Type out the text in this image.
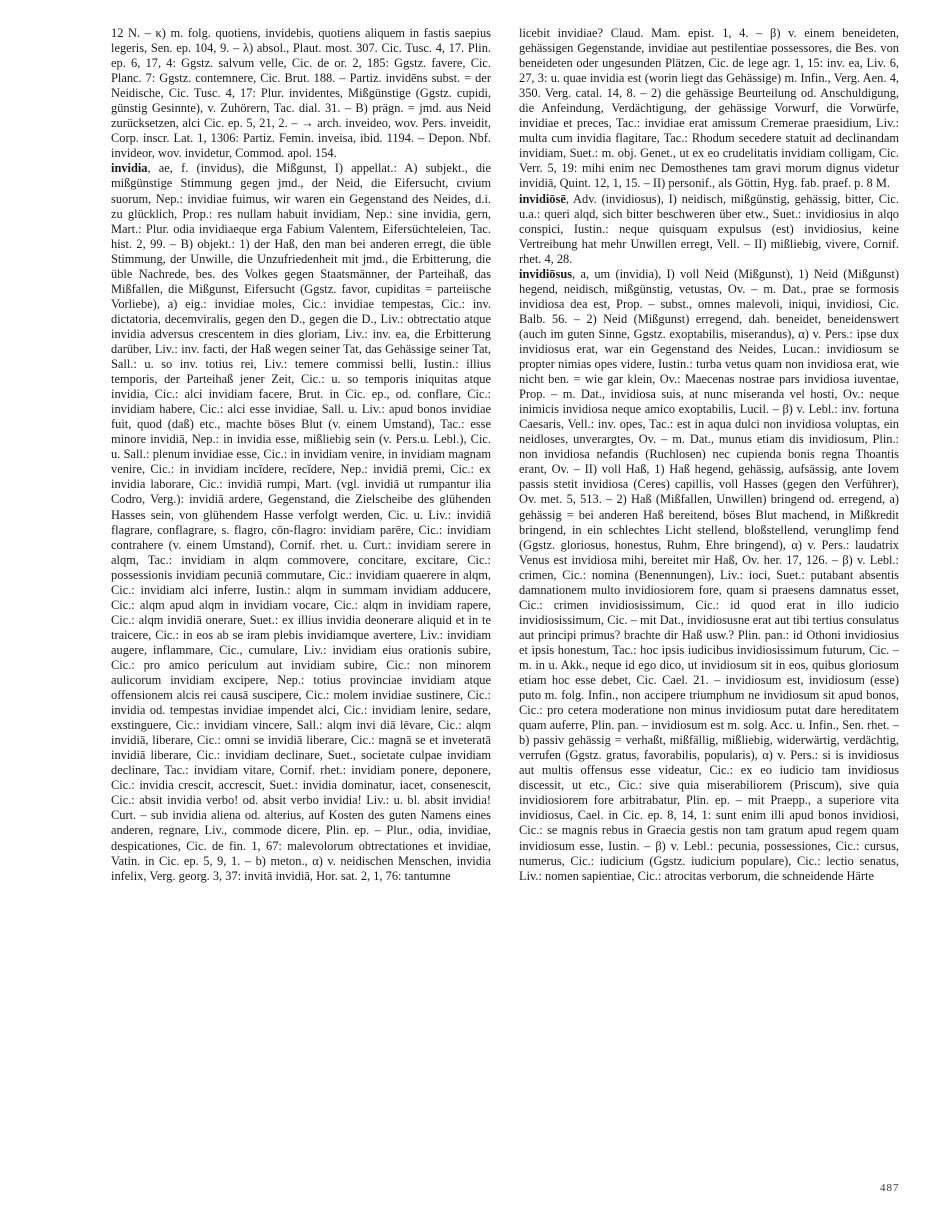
12 N. – κ) m. folg. quotiens, invidebis, quotiens aliquem in fastis saepius legeris, Sen. ep. 104, 9. – λ) absol., Plaut. most. 307. Cic. Tusc. 4, 17. Plin. ep. 6, 17, 4: Ggstz. salvum velle, Cic. de or. 2, 185: Ggstz. favere, Cic. Planc. 7: Ggstz. contemnere, Cic. Brut. 188. – Partiz. invidēns subst. = der Neidische, Cic. Tusc. 4, 17: Plur. invidentes, Mißgünstige (Ggstz. cupidi, günstig Gesinnte), v. Zuhörern, Tac. dial. 31. – B) prägn. = jmd. aus Neid zurücksetzen, alci Cic. ep. 5, 21, 2. – → arch. inveideo, wov. Pers. inveidit, Corp. inscr. Lat. 1, 1306: Partiz. Femin. inveisa, ibid. 1194. – Depon. Nbf. invideor, wov. invidetur, Commod. apol. 154.

invidia, ae, f. (invidus), die Mißgunst, I) appellat.: A) subjekt., die mißgünstige Stimmung gegen jmd., der Neid, die Eifersucht, cıvium suorum, Nep.: invidiae fuimus, wir waren ein Gegenstand des Neides, d.i. zu glücklich, Prop.: res nullam habuit invidiam, Nep.: sine invidia, gern, Mart.: Plur. odia invidiaeque erga Fabium Valentem, Eifersüchteleien, Tac. hist. 2, 99. – B) objekt.: 1) der Haß, den man bei anderen erregt, die üble Stimmung, der Unwille, die Unzufriedenheit mit jmd., die Erbitterung, die üble Nachrede, bes. des Volkes gegen Staatsmänner, der Parteihaß, das Mißfallen, die Mißgunst, Eifersucht (Ggstz. favor, cupiditas = parteiische Vorliebe), a) eig.: invidiae moles, Cic.: invidiae tempestas, Cic.: inv. dictatoria, decemviralis, gegen den D., gegen die D., Liv.: obtrectatio atque invidia adversus crescentem in dies gloriam, Liv.: inv. ea, die Erbitterung darüber, Liv.: inv. facti, der Haß wegen seiner Tat, das Gehässige seiner Tat, Sall.: u. so inv. totius rei, Liv.: temere commissi belli, Iustin.: illius temporis, der Parteihaß jener Zeit, Cic.: u. so temporis iniquitas atque invidia, Cic.: alci invidiam facere, Brut. in Cic. ep., od. conflare, Cic.: invidiam habere, Cic.: alci esse invidiae, Sall. u. Liv.: apud bonos invidiae fuit, quod (daß) etc., machte böses Blut (v. einem Umstand), Tac.: esse minore invidiā, Nep.: in invidia esse, mißliebig sein (v. Pers.u. Lebl.), Cic. u. Sall.: plenum invidiae esse, Cic.: in invidiam venire, in invidiam magnam venire, Cic.: in invidiam incĭdere, recĭdere, Nep.: invidiā premi, Cic.: ex invidia laborare, Cic.: invidiā rumpi, Mart. (vgl. invidiā ut rumpantur ilia Codro, Verg.): invidiā ardere, Gegenstand, die Zielscheibe des glühenden Hasses sein, von glühendem Hasse verfolgt werden, Cic. u. Liv.: invidiā flagrare, conflagrare, s. flagro, cōn-flagro: invidiam parēre, Cic.: invidiam contrahere (v. einem Umstand), Cornif. rhet. u. Curt.: invidiam serere in alqm, Tac.: invidiam in alqm commovere, concitare, excitare, Cic.: possessionis invidiam pecuniā commutare, Cic.: invidiam quaerere in alqm, Cic.: invidiam alci inferre, Iustin.: alqm in summam invidiam adducere, Cic.: alqm apud alqm in invidiam vocare, Cic.: alqm in invidiam rapere, Cic.: alqm invidiā onerare, Suet.: ex illius invidia deonerare aliquid et in te traicere, Cic.: in eos ab se iram plebis invidiamque avertere, Liv.: invidiam augere, inflammare, Cic., cumulare, Liv.: invidiam eius orationis subire, Cic.: pro amico periculum aut invidiam subire, Cic.: non minorem aulicorum invidiam excipere, Nep.: totius provinciae invidiam atque offensionem alcis rei causā suscipere, Cic.: molem invidiae sustinere, Cic.: invidia od. tempestas invidiae impendet alci, Cic.: invidiam lenire, sedare, exstinguere, Cic.: invidiam vincere, Sall.: alqm invi diā lēvare, Cic.: alqm invidiā, liberare, Cic.: omni se invidiā liberare, Cic.: magnā se et inveteratā invidiā liberare, Cic.: invidiam declinare, Suet., societate culpae invidiam declinare, Tac.: invidiam vitare, Cornif. rhet.: invidiam ponere, deponere, Cic.: invidia crescit, accrescit, Suet.: invidia dominatur, iacet, consenescit, Cic.: absit invidia verbo! od. absit verbo invidia! Liv.: u. bl. absit invidia! Curt. – sub invidia aliena od. alterius, auf Kosten des guten Namens eines anderen, regnare, Liv., commode dicere, Plin. ep. – Plur., odia, invidiae, despicationes, Cic. de fin. 1, 67: malevolorum obtrectationes et invidiae, Vatin. in Cic. ep. 5, 9, 1. – b) meton., α) v. neidischen Menschen, invidia infelix, Verg. georg. 3, 37: invitā invidiā, Hor. sat. 2, 1, 76: tantumne

licebit invidiae? Claud. Mam. epist. 1, 4. – β) v. einem beneideten, gehässigen Gegenstande, invidiae aut pestilentiae possessores, die Bes. von beneideten oder ungesunden Plätzen, Cic. de lege agr. 1, 15: inv. ea, Liv. 6, 27, 3: u. quae invidia est (worin liegt das Gehässige) m. Infin., Verg. Aen. 4, 350. Verg. catal. 14, 8. – 2) die gehässige Beurteilung od. Anschuldigung, die Anfeindung, Verdächtigung, der gehässige Vorwurf, die Vorwürfe, invidiae et preces, Tac.: invidiae erat amissum Cremerae praesidium, Liv.: multa cum invidia flagitare, Tac.: Rhodum secedere statuit ad declinandam invidiam, Suet.: m. obj. Genet., ut ex eo crudelitatis invidiam colligam, Cic. Verr. 5, 19: mihi enim nec Demosthenes tam gravi morum dignus videtur invidiā, Quint. 12, 1, 15. – II) personif., als Göttin, Hyg. fab. praef. p. 8 M.

invidiōsē, Adv. (invidiosus), I) neidisch, mißgünstig, gehässig, bitter, Cic. u.a.: queri alqd, sich bitter beschweren über etw., Suet.: invidiosius in alqo conspici, Iustin.: neque quisquam expulsus (est) invidiosius, keine Vertreibung hat mehr Unwillen erregt, Vell. – II) mißliebig, vivere, Cornif. rhet. 4, 28.

invidiōsus, a, um (invidia), I) voll Neid (Mißgunst), 1) Neid (Mißgunst) hegend, neidisch, mißgünstig, vetustas, Ov. – m. Dat., prae se formosis invidiosa dea est, Prop. – subst., omnes malevoli, iniqui, invidiosi, Cic. Balb. 56. – 2) Neid (Mißgunst) erregend, dah. beneidet, beneidenswert (auch im guten Sinne, Ggstz. exoptabilis, miserandus), α) v. Pers.: ipse dux invidiosus erat, war ein Gegenstand des Neides, Lucan.: invidiosum se propter nimias opes videre, Iustin.: turba vetus quam non invidiosa erat, wie nicht ben. = wie gar klein, Ov.: Maecenas nostrae pars invidiosa iuventae, Prop. – m. Dat., invidiosa suis, at nunc miseranda vel hosti, Ov.: neque inimicis invidiosa neque amico exoptabilis, Lucil. – β) v. Lebl.: inv. fortuna Caesaris, Vell.: inv. opes, Tac.: est in aqua dulci non invidiosa voluptas, ein neidloses, unverargtes, Ov. – m. Dat., munus etiam dis invidiosum, Plin.: non invidiosa nefandis (Ruchlosen) nec cupienda bonis regna Thoantis erant, Ov. – II) voll Haß, 1) Haß hegend, gehässig, aufsässig, ante Iovem passis stetit invidiosa (Ceres) capillis, voll Hasses (gegen den Verführer), Ov. met. 5, 513. – 2) Haß (Mißfallen, Unwillen) bringend od. erregend, a) gehässig = bei anderen Haß bereitend, böses Blut machend, in Mißkredit bringend, in ein schlechtes Licht stellend, bloßstellend, verunglimp fend (Ggstz. gloriosus, honestus, Ruhm, Ehre bringend), α) v. Pers.: laudatrix Venus est invidiosa mihi, bereitet mir Haß, Ov. her. 17, 126. – β) v. Lebl.: crimen, Cic.: nomina (Benennungen), Liv.: ioci, Suet.: putabant absentis damnationem multo invidiosiorem fore, quam si praesens damnatus esset, Cic.: crimen invidiosissimum, Cic.: id quod erat in illo iudicio invidiosissimum, Cic. – mit Dat., invidiosusne erat aut tibi tertius consulatus aut principi primus? brachte dir Haß usw.? Plin. pan.: id Othoni invidiosius et ipsis honestum, Tac.: hoc ipsis iudicibus invidiosissimum futurum, Cic. – m. in u. Akk., neque id ego dico, ut invidiosum sit in eos, quibus gloriosum etiam hoc esse debet, Cic. Cael. 21. – invidiosum est, invidiosum (esse) puto m. folg. Infin., non accipere triumphum ne invidiosum sit apud bonos, Cic.: pro cetera moderatione non minus invidiosum putat dare hereditatem quam auferre, Plin. pan. – invidiosum est m. solg. Acc. u. Infin., Sen. rhet. – b) passiv gehässig = verhaßt, mißfällig, mißliebig, widerwärtig, verdächtig, verrufen (Ggstz. gratus, favorabilis, popularis), α) v. Pers.: si is invidiosus aut multis offensus esse videatur, Cic.: ex eo iudicio tam invidiosus discessit, ut etc., Cic.: sive quia miserabiliorem (Priscum), sive quia invidiosiorem fore arbitrabatur, Plin. ep. – mit Praepp., a superiore vita invidiosus, Cael. in Cic. ep. 8, 14, 1: sunt enim illi apud bonos invidiosi, Cic.: se magnis rebus in Graecia gestis non tam gratum apud regem quam invidiosum esse, Iustin. – β) v. Lebl.: pecunia, possessiones, Cic.: cursus, numerus, Cic.: iudicium (Ggstz. iudicium populare), Cic.: lectio senatus, Liv.: nomen sapientiae, Cic.: atrocitas verborum, die schneidende Härte

487
